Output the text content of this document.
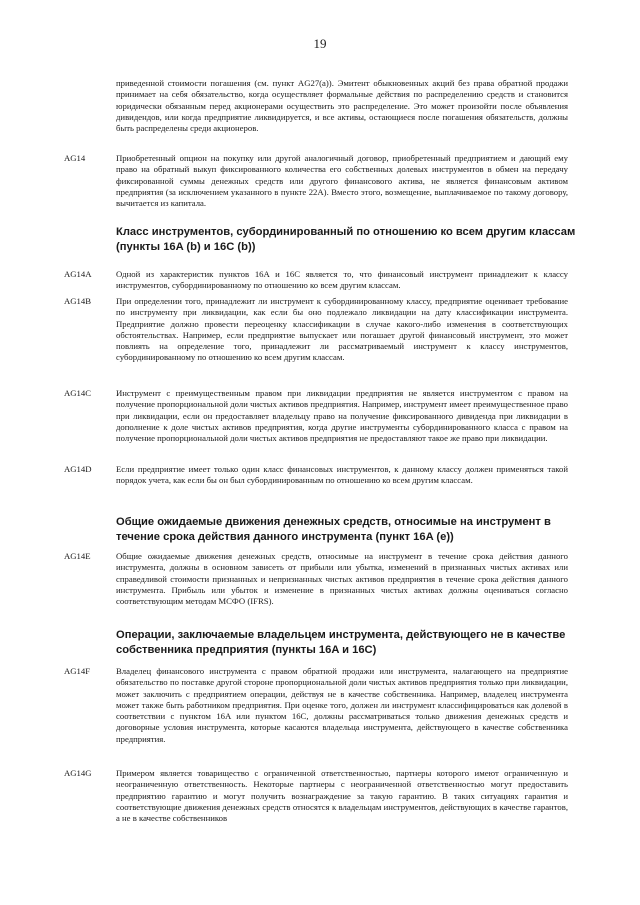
19

приведенной стоимости погашения (см. пункт AG27(a)). Эмитент обыкновенных акций без права обратной продажи принимает на себя обязательство, когда осуществляет формальные действия по распределению средств и становится юридически обязанным перед акционерами осуществить это распределение. Это может произойти после объявления дивидендов, или когда предприятие ликвидируется, и все активы, остающиеся после погашения обязательств, должны быть распределены среди акционеров.

AG14	Приобретенный опцион на покупку или другой аналогичный договор, приобретенный предприятием и дающий ему право на обратный выкуп фиксированного количества его собственных долевых инструментов в обмен на передачу фиксированной суммы денежных средств или другого финансового актива, не является финансовым активом предприятия (за исключением указанного в пункте 22A). Вместо этого, возмещение, выплачиваемое по такому договору, вычитается из капитала.

Класс инструментов, субординированный по отношению ко всем другим классам (пункты 16A (b) и 16C (b))
AG14A	Одной из характеристик пунктов 16A и 16C является то, что финансовый инструмент принадлежит к классу инструментов, субординированному по отношению ко всем другим классам.

AG14B	При определении того, принадлежит ли инструмент к субординированному классу, предприятие оценивает требование по инструменту при ликвидации, как если бы оно подлежало ликвидации на дату классификации инструмента. Предприятие должно провести переоценку классификации в случае какого-либо изменения в соответствующих обстоятельствах. Например, если предприятие выпускает или погашает другой финансовый инструмент, это может повлиять на определение того, принадлежит ли рассматриваемый инструмент к классу инструментов, субординированному по отношению ко всем другим классам.

AG14C	Инструмент с преимущественным правом при ликвидации предприятия не является инструментом с правом на получение пропорциональной доли чистых активов предприятия. Например, инструмент имеет преимущественное право при ликвидации, если он предоставляет владельцу право на получение фиксированного дивиденда при ликвидации в дополнение к доле чистых активов предприятия, когда другие инструменты субординированного класса с правом на получение пропорциональной доли чистых активов предприятия не предоставляют такое же право при ликвидации.

AG14D	Если предприятие имеет только один класс финансовых инструментов, к данному классу должен применяться такой порядок учета, как если бы он был субординированным по отношению ко всем другим классам.

Общие ожидаемые движения денежных средств, относимые на инструмент в течение срока действия данного инструмента (пункт 16A (e))
AG14E	Общие ожидаемые движения денежных средств, относимые на инструмент в течение срока действия данного инструмента, должны в основном зависеть от прибыли или убытка, изменений в признанных чистых активах или справедливой стоимости признанных и непризнанных чистых активов предприятия в течение срока действия данного инструмента. Прибыль или убыток и изменение в признанных чистых активах должны оцениваться согласно соответствующим методам МСФО (IFRS).

Операции, заключаемые владельцем инструмента, действующего не в качестве собственника предприятия (пункты 16A и 16C)
AG14F	Владелец финансового инструмента с правом обратной продажи или инструмента, налагающего на предприятие обязательство по поставке другой стороне пропорциональной доли чистых активов предприятия только при ликвидации, может заключить с предприятием операции, действуя не в качестве собственника. Например, владелец инструмента может также быть работником предприятия. При оценке того, должен ли инструмент классифицироваться как долевой в соответствии с пунктом 16A или пунктом 16C, должны рассматриваться только движения денежных средств и договорные условия инструмента, которые касаются владельца инструмента, действующего в качестве собственника предприятия.

AG14G	Примером является товарищество с ограниченной ответственностью, партнеры которого имеют ограниченную и неограниченную ответственность. Некоторые партнеры с неограниченной ответственностью могут предоставить предприятию гарантию и могут получить вознаграждение за такую гарантию. В таких ситуациях гарантия и соответствующие движения денежных средств относятся к владельцам инструментов, действующих в качестве гарантов, а не в качестве собственников
